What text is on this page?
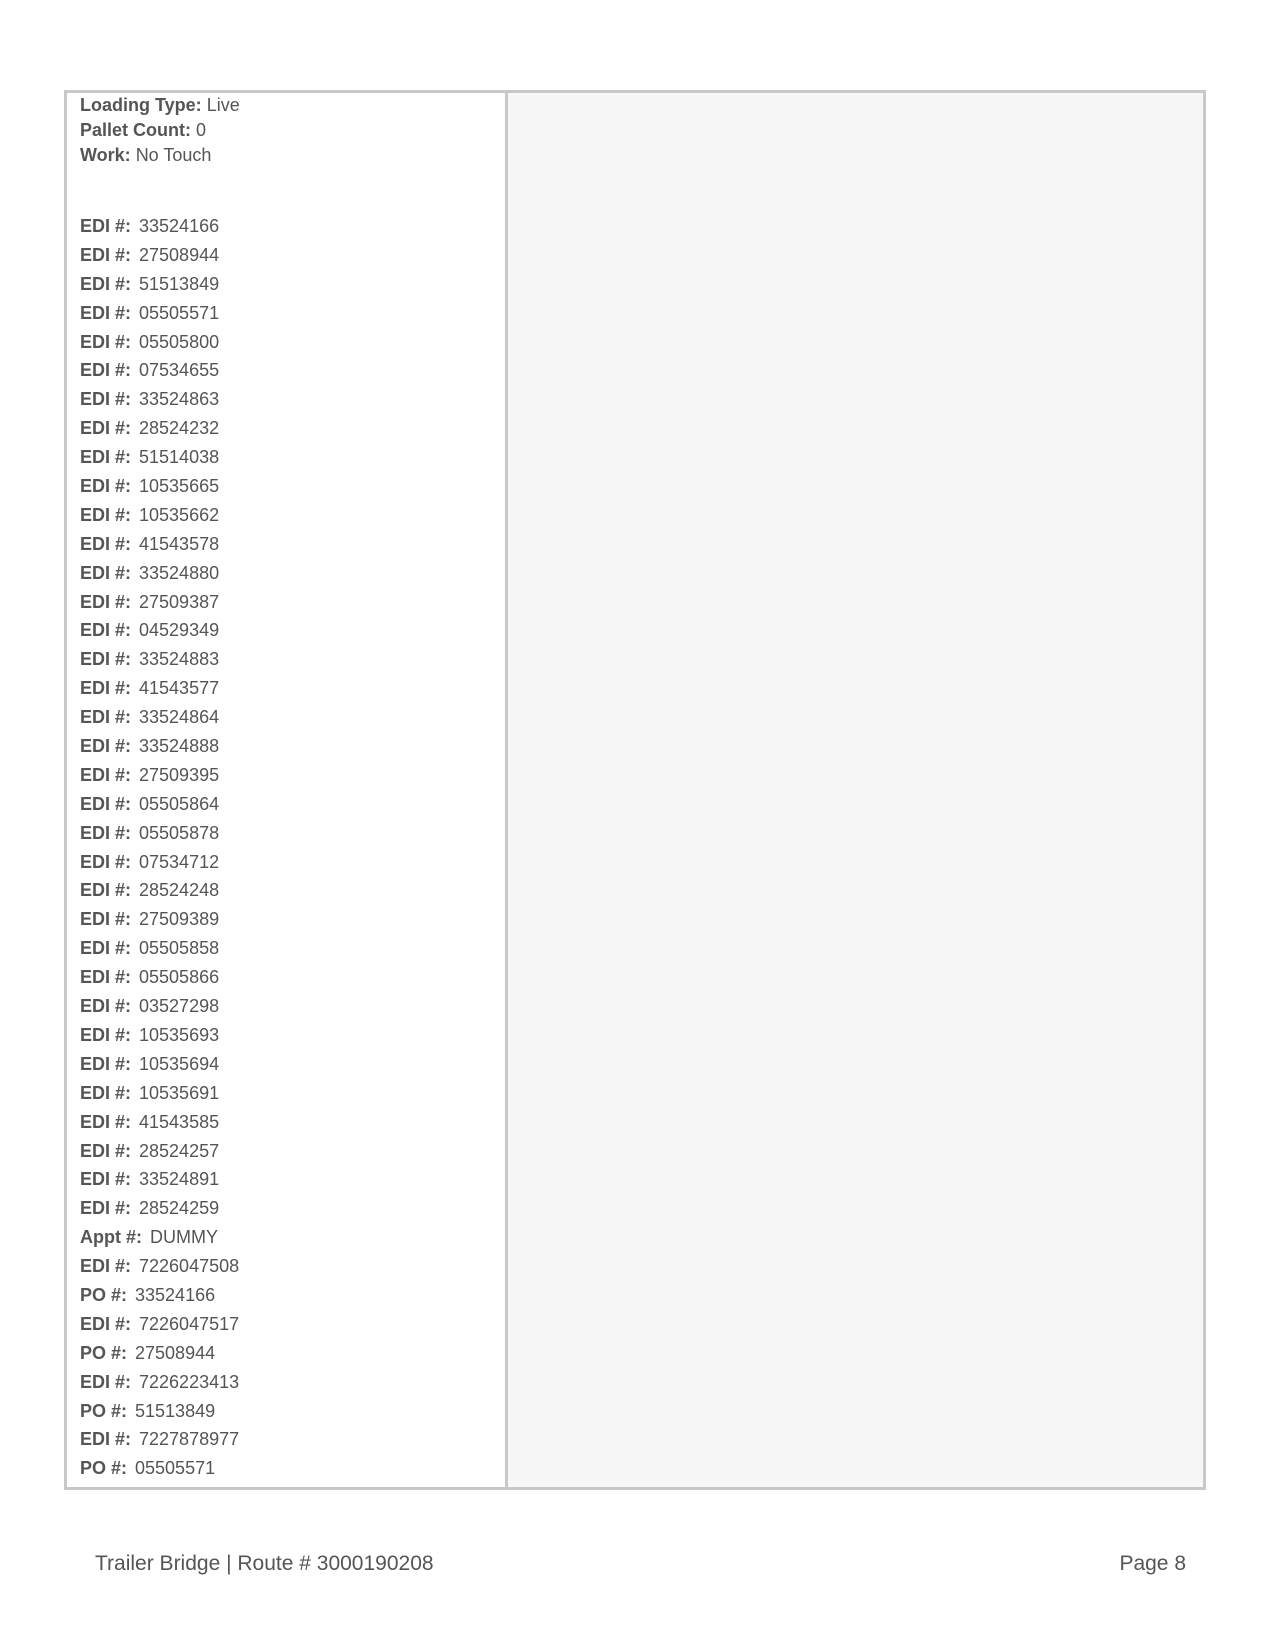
Loading Type: Live
Pallet Count: 0
Work: No Touch
EDI #: 33524166
EDI #: 27508944
EDI #: 51513849
EDI #: 05505571
EDI #: 05505800
EDI #: 07534655
EDI #: 33524863
EDI #: 28524232
EDI #: 51514038
EDI #: 10535665
EDI #: 10535662
EDI #: 41543578
EDI #: 33524880
EDI #: 27509387
EDI #: 04529349
EDI #: 33524883
EDI #: 41543577
EDI #: 33524864
EDI #: 33524888
EDI #: 27509395
EDI #: 05505864
EDI #: 05505878
EDI #: 07534712
EDI #: 28524248
EDI #: 27509389
EDI #: 05505858
EDI #: 05505866
EDI #: 03527298
EDI #: 10535693
EDI #: 10535694
EDI #: 10535691
EDI #: 41543585
EDI #: 28524257
EDI #: 33524891
EDI #: 28524259
Appt #: DUMMY
EDI #: 7226047508
PO #: 33524166
EDI #: 7226047517
PO #: 27508944
EDI #: 7226223413
PO #: 51513849
EDI #: 7227878977
PO #: 05505571
Trailer Bridge | Route # 3000190208	Page 8
